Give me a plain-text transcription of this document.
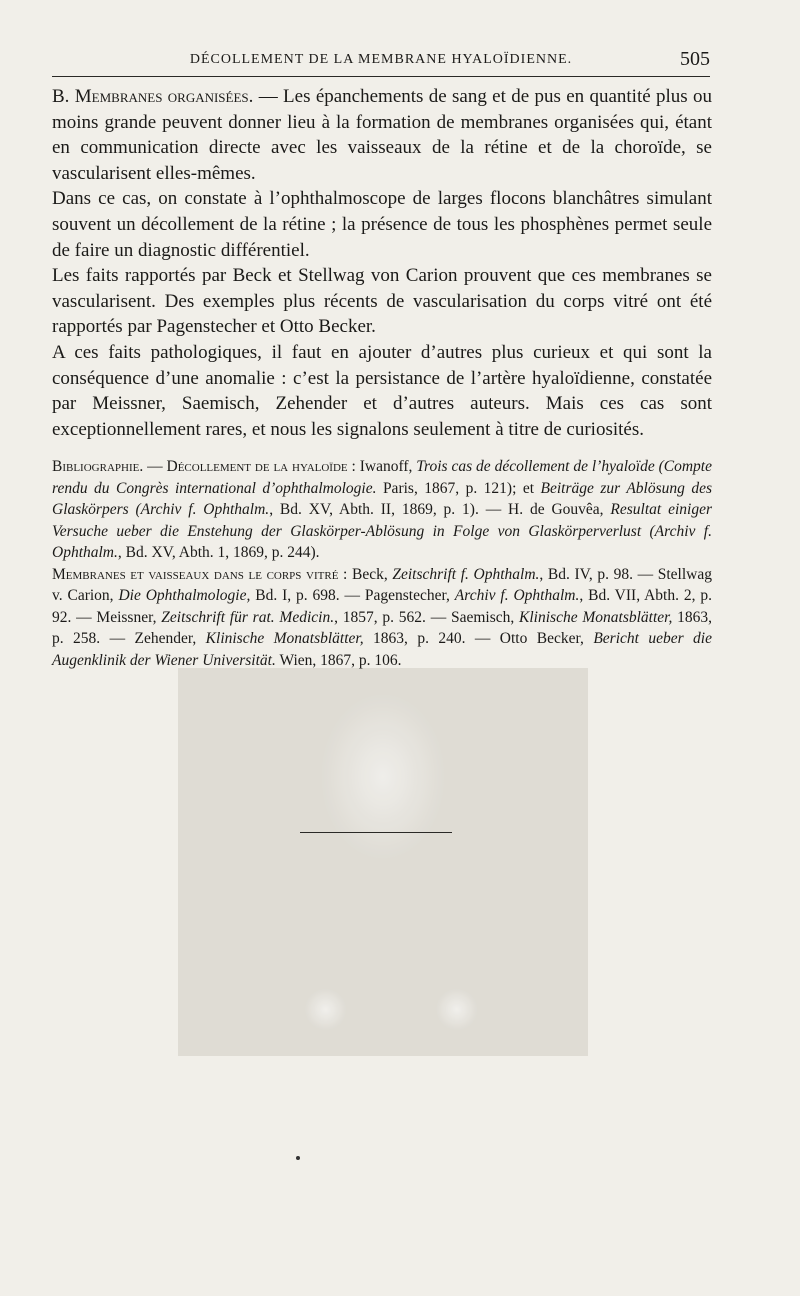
DÉCOLLEMENT DE LA MEMBRANE HYALOÏDIENNE.	505

B. Membranes organisées. — Les épanchements de sang et de pus en quantité plus ou moins grande peuvent donner lieu à la formation de membranes organisées qui, étant en communication directe avec les vaisseaux de la rétine et de la choroïde, se vascularisent elles-mêmes.

Dans ce cas, on constate à l’ophthalmoscope de larges flocons blanchâtres simulant souvent un décollement de la rétine ; la présence de tous les phosphènes permet seule de faire un diagnostic différentiel.

Les faits rapportés par Beck et Stellwag von Carion prouvent que ces membranes se vascularisent. Des exemples plus récents de vascularisation du corps vitré ont été rapportés par Pagenstecher et Otto Becker.

A ces faits pathologiques, il faut en ajouter d’autres plus curieux et qui sont la conséquence d’une anomalie : c’est la persistance de l’artère hyaloïdienne, constatée par Meissner, Saemisch, Zehender et d’autres auteurs. Mais ces cas sont exceptionnellement rares, et nous les signalons seulement à titre de curiosités.

Bibliographie. — Décollement de la hyaloïde : Iwanoff, Trois cas de décollement de l’hyaloïde (Compte rendu du Congrès international d’ophthalmologie. Paris, 1867, p. 121); et Beiträge zur Ablösung des Glaskörpers (Archiv f. Ophthalm., Bd. XV, Abth. II, 1869, p. 1). — H. de Gouvêa, Resultat einiger Versuche ueber die Enstehung der Glaskörper-Ablösung in Folge von Glaskörperverlust (Archiv f. Ophthalm., Bd. XV, Abth. 1, 1869, p. 244).

Membranes et vaisseaux dans le corps vitré : Beck, Zeitschrift f. Ophthalm., Bd. IV, p. 98. — Stellwag v. Carion, Die Ophthalmologie, Bd. I, p. 698. — Pagenstecher, Archiv f. Ophthalm., Bd. VII, Abth. 2, p. 92. — Meissner, Zeitschrift für rat. Medicin., 1857, p. 562. — Saemisch, Klinische Monatsblätter, 1863, p. 258. — Zehender, Klinische Monatsblätter, 1863, p. 240. — Otto Becker, Bericht ueber die Augenklinik der Wiener Universität. Wien, 1867, p. 106.
